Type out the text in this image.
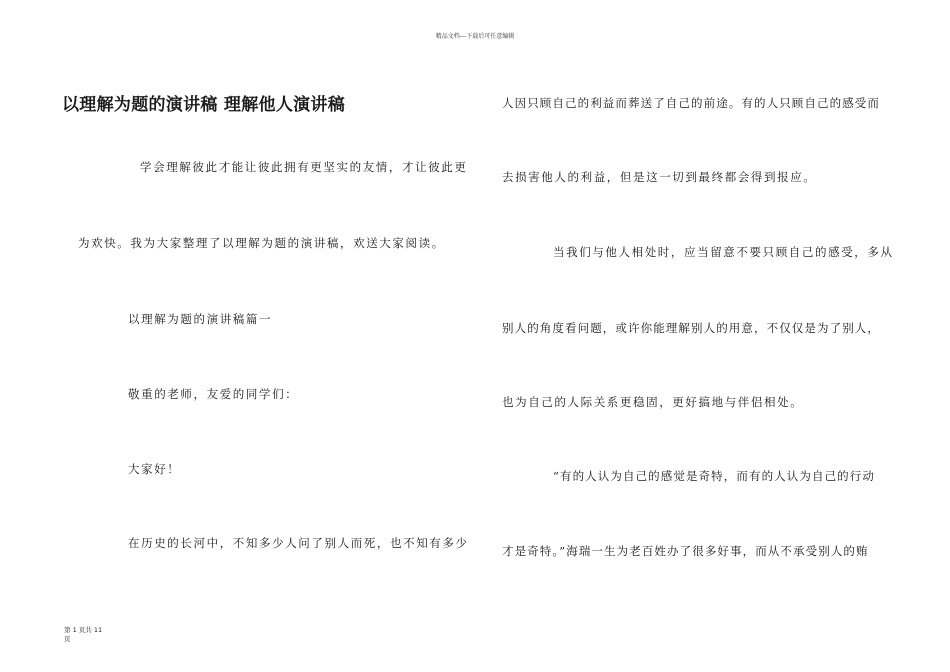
精品文档---下载后可任意编辑
以理解为题的演讲稿 理解他人演讲稿
学会理解彼此才能让彼此拥有更坚实的友情，才让彼此更
为欢快。我为大家整理了以理解为题的演讲稿，欢送大家阅读。
以理解为题的演讲稿篇一
敬重的老师，友爱的同学们：
大家好！
在历史的长河中，不知多少人问了别人而死，也不知有多少
人因只顾自己的利益而葬送了自己的前途。有的人只顾自己的感受而
去损害他人的利益，但是这一切到最终都会得到报应。
当我们与他人相处时，应当留意不要只顾自己的感受，多从
别人的角度看问题，或许你能理解别人的用意，不仅仅是为了别人，
也为自己的人际关系更稳固，更好搞地与伴侣相处。
“有的人认为自己的感觉是奇特，而有的人认为自己的行动
才是奇特。”海瑞一生为老百姓办了很多好事，而从不承受别人的贿
第 1 页共 11
页
